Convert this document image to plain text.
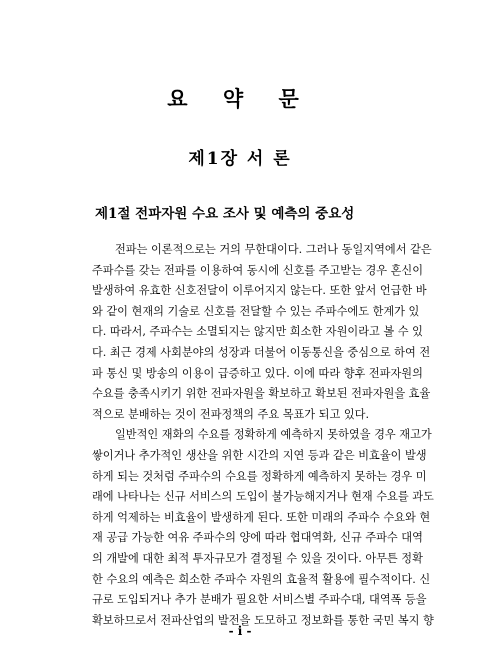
요 약 문
제1장 서 론
제1절 전파자원 수요 조사 및 예측의 중요성
전파는 이론적으로는 거의 무한대이다. 그러나 동일지역에서 같은
주파수를 갖는 전파를 이용하여 동시에 신호를 주고받는 경우 혼신이
발생하여 유효한 신호전달이 이루어지지 않는다. 또한 앞서 언급한 바
와 같이 현재의 기술로 신호를 전달할 수 있는 주파수에도 한계가 있
다. 따라서, 주파수는 소멸되지는 않지만 희소한 자원이라고 볼 수 있
다. 최근 경제 사회분야의 성장과 더불어 이동통신을 중심으로 하여 전
파 통신 및 방송의 이용이 급증하고 있다. 이에 따라 향후 전파자원의
수요를 충족시키기 위한 전파자원을 확보하고 확보된 전파자원을 효율
적으로 분배하는 것이 전파정책의 주요 목표가 되고 있다.
일반적인 재화의 수요를 정확하게 예측하지 못하였을 경우 재고가
쌓이거나 추가적인 생산을 위한 시간의 지연 등과 같은 비효율이 발생
하게 되는 것처럼 주파수의 수요를 정확하게 예측하지 못하는 경우 미
래에 나타나는 신규 서비스의 도입이 불가능해지거나 현재 수요를 과도
하게 억제하는 비효율이 발생하게 된다. 또한 미래의 주파수 수요와 현
재 공급 가능한 여유 주파수의 양에 따라 협대역화, 신규 주파수 대역
의 개발에 대한 최적 투자규모가 결정될 수 있을 것이다. 아무튼 정확
한 수요의 예측은 희소한 주파수 자원의 효율적 활용에 필수적이다. 신
규로 도입되거나 추가 분배가 필요한 서비스별 주파수대, 대역폭 등을
확보하므로서 전파산업의 발전을 도모하고 정보화를 통한 국민 복지 향
- i -
